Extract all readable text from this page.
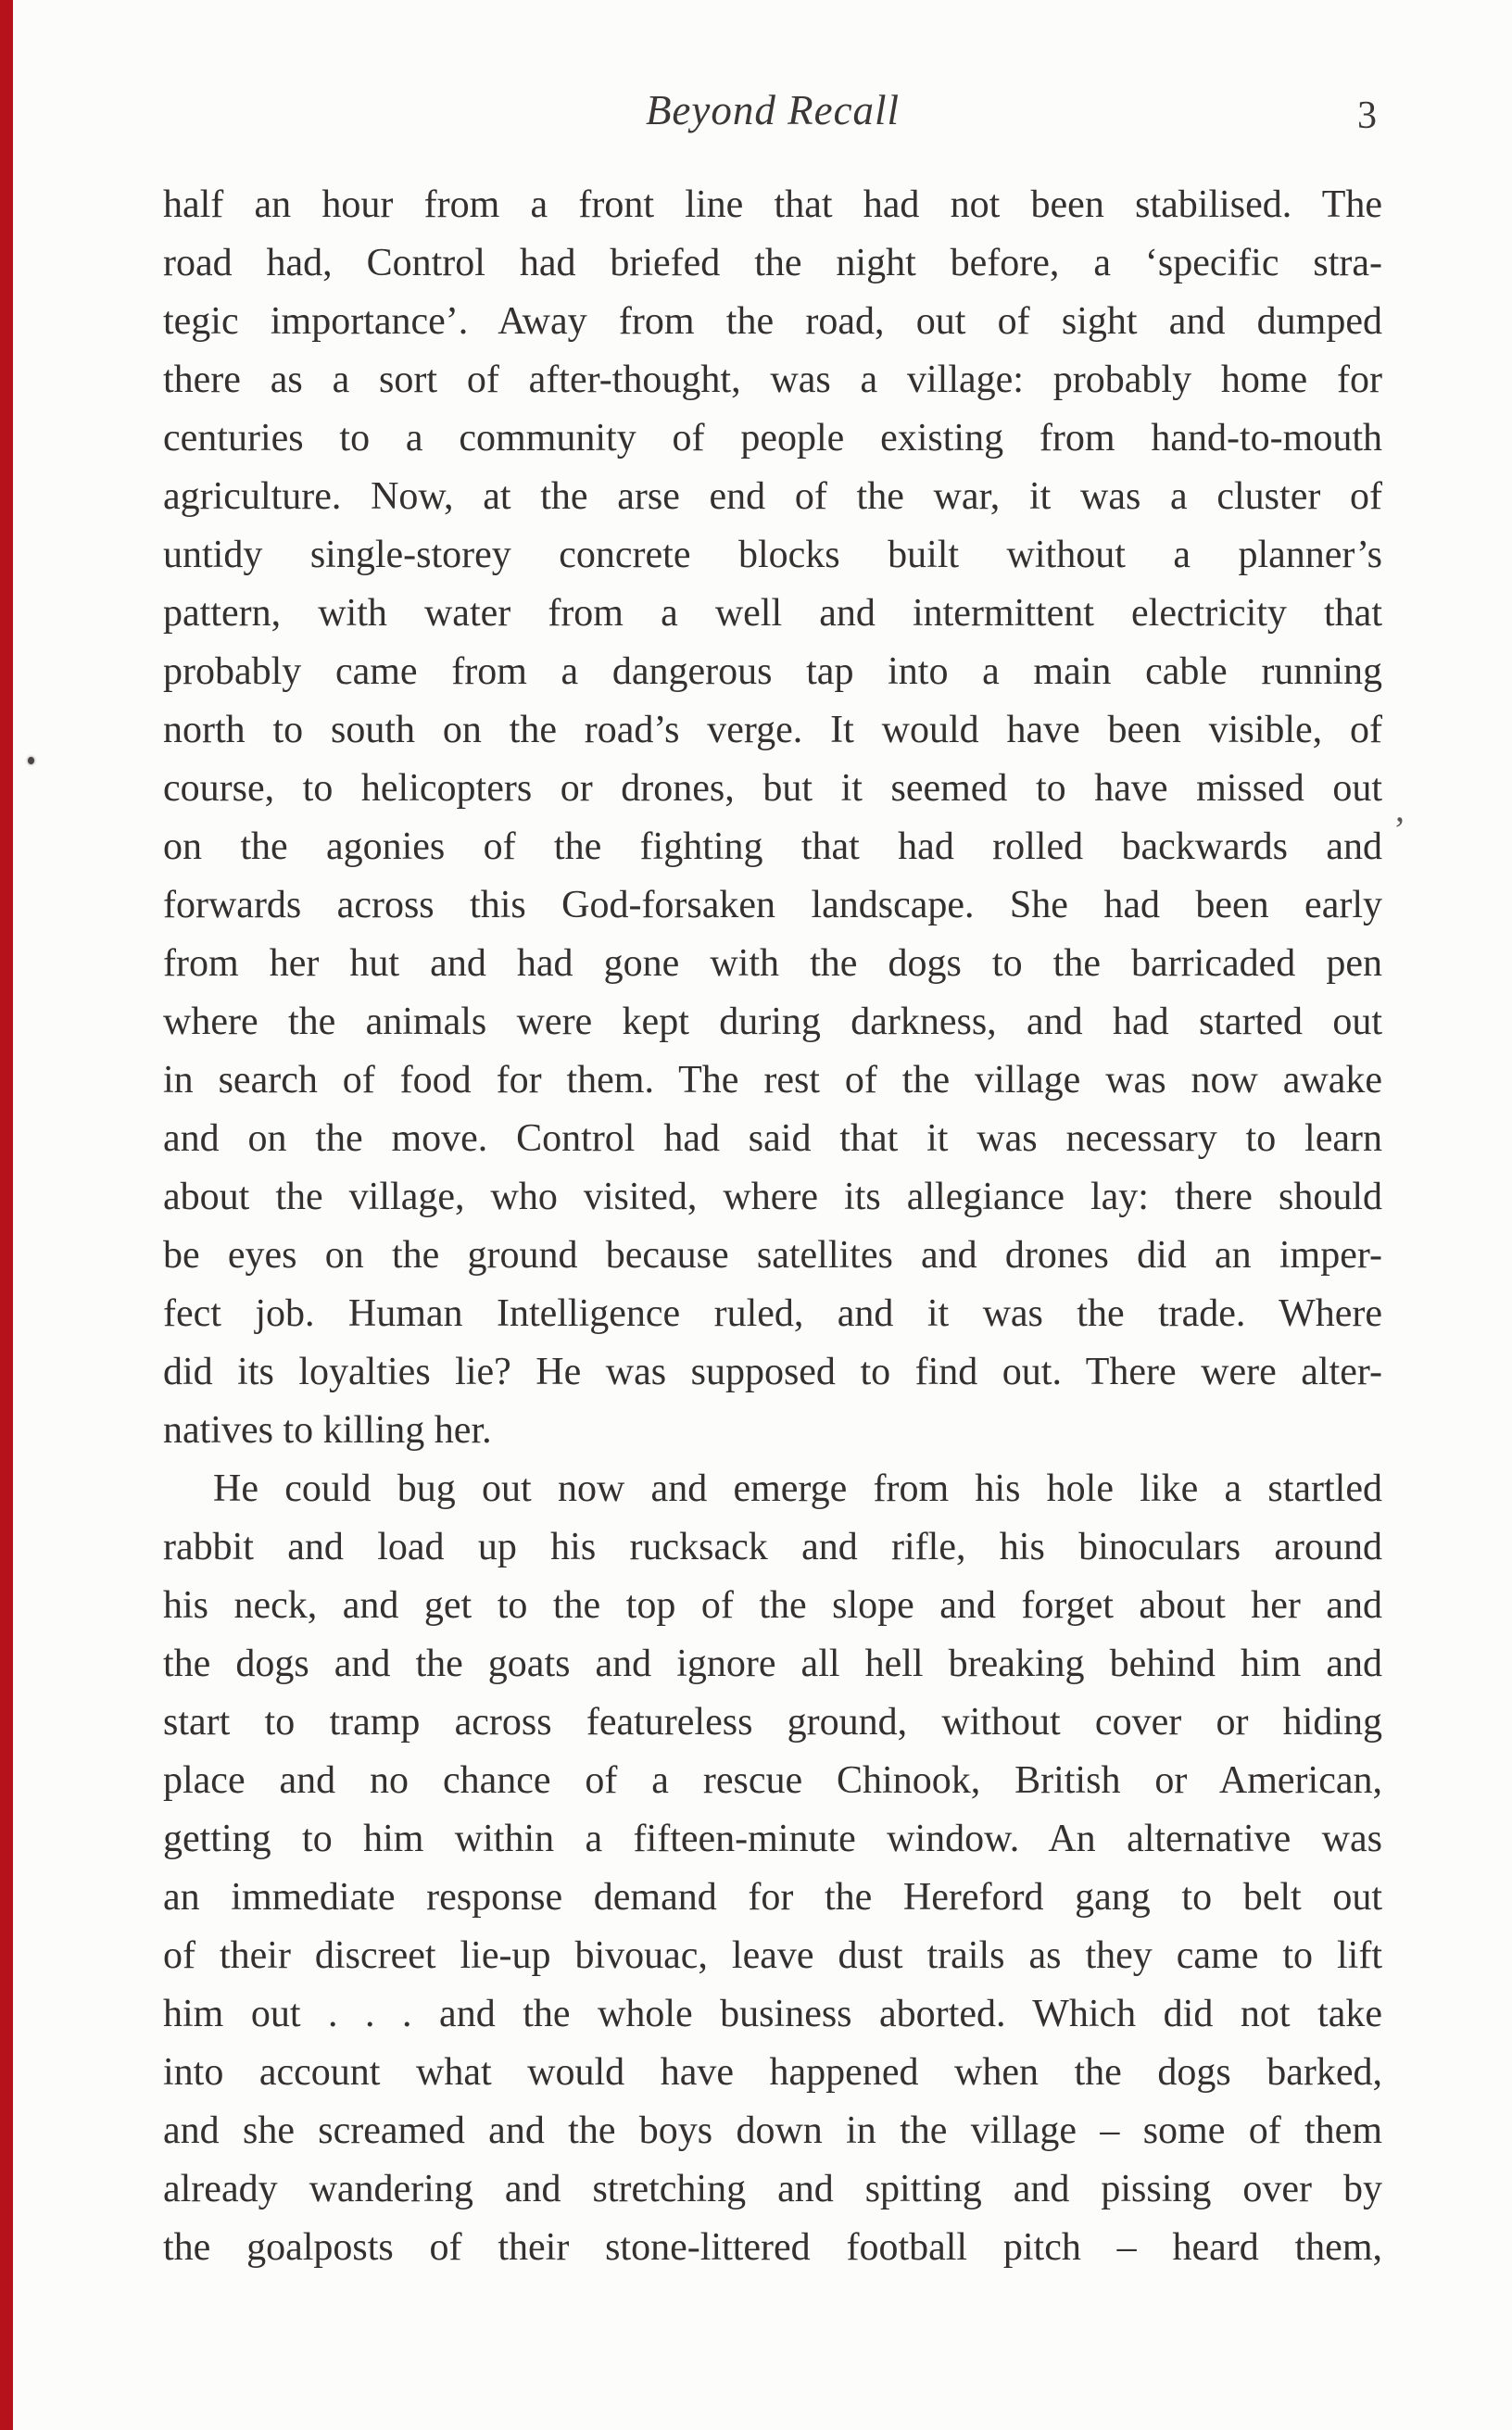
Beyond Recall	3
half an hour from a front line that had not been stabilised. The
road had, Control had briefed the night before, a ‘specific stra-
tegic importance’. Away from the road, out of sight and dumped
there as a sort of after-thought, was a village: probably home for
centuries to a community of people existing from hand-to-mouth
agriculture. Now, at the arse end of the war, it was a cluster of
untidy single-storey concrete blocks built without a planner’s
pattern, with water from a well and intermittent electricity that
probably came from a dangerous tap into a main cable running
north to south on the road’s verge. It would have been visible, of
course, to helicopters or drones, but it seemed to have missed out
on the agonies of the fighting that had rolled backwards and
forwards across this God-forsaken landscape. She had been early
from her hut and had gone with the dogs to the barricaded pen
where the animals were kept during darkness, and had started out
in search of food for them. The rest of the village was now awake
and on the move. Control had said that it was necessary to learn
about the village, who visited, where its allegiance lay: there should
be eyes on the ground because satellites and drones did an imper-
fect job. Human Intelligence ruled, and it was the trade. Where
did its loyalties lie? He was supposed to find out. There were alter-
natives to killing her.
He could bug out now and emerge from his hole like a startled
rabbit and load up his rucksack and rifle, his binoculars around
his neck, and get to the top of the slope and forget about her and
the dogs and the goats and ignore all hell breaking behind him and
start to tramp across featureless ground, without cover or hiding
place and no chance of a rescue Chinook, British or American,
getting to him within a fifteen-minute window. An alternative was
an immediate response demand for the Hereford gang to belt out
of their discreet lie-up bivouac, leave dust trails as they came to lift
him out . . . and the whole business aborted. Which did not take
into account what would have happened when the dogs barked,
and she screamed and the boys down in the village – some of them
already wandering and stretching and spitting and pissing over by
the goalposts of their stone-littered football pitch – heard them,
’
